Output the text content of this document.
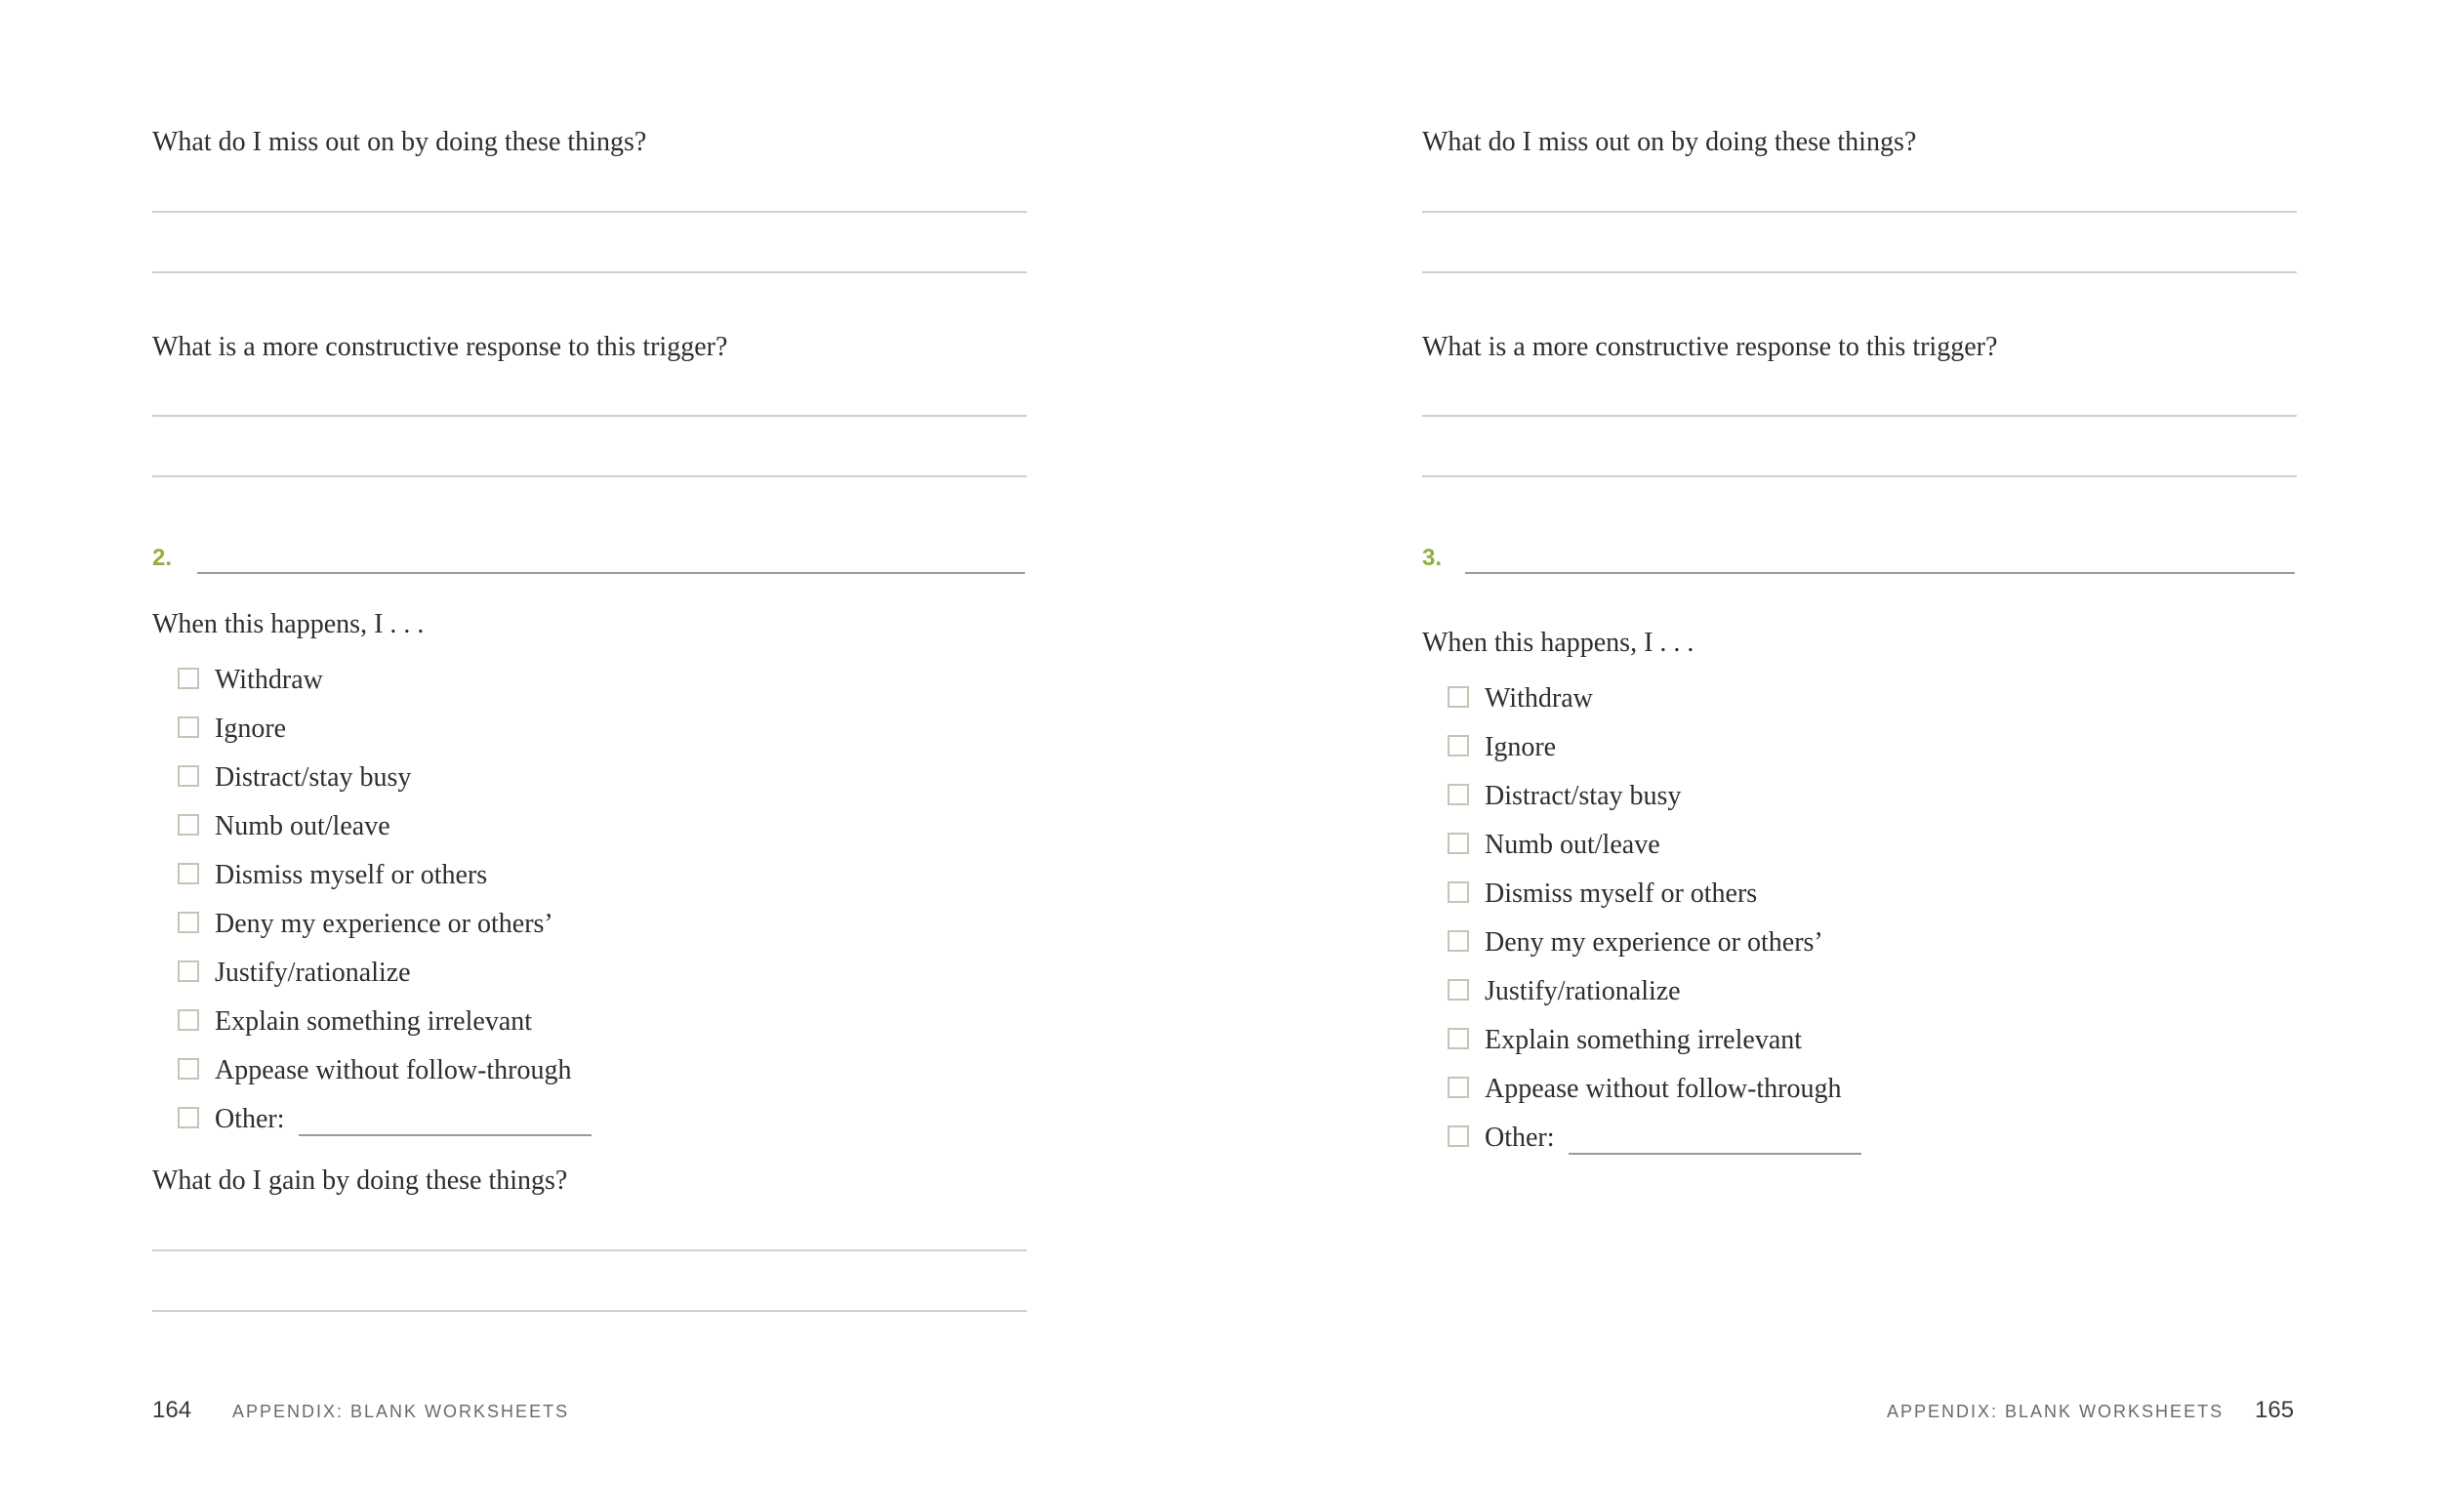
What do I miss out on by doing these things?
What is a more constructive response to this trigger?
2.
When this happens, I . . .
Withdraw
Ignore
Distract/stay busy
Numb out/leave
Dismiss myself or others
Deny my experience or others’
Justify/rationalize
Explain something irrelevant
Appease without follow-through
Other:
What do I gain by doing these things?
164 APPENDIX: BLANK WORKSHEETS
What do I miss out on by doing these things?
What is a more constructive response to this trigger?
3.
When this happens, I . . .
Withdraw
Ignore
Distract/stay busy
Numb out/leave
Dismiss myself or others
Deny my experience or others’
Justify/rationalize
Explain something irrelevant
Appease without follow-through
Other:
APPENDIX: BLANK WORKSHEETS 165
